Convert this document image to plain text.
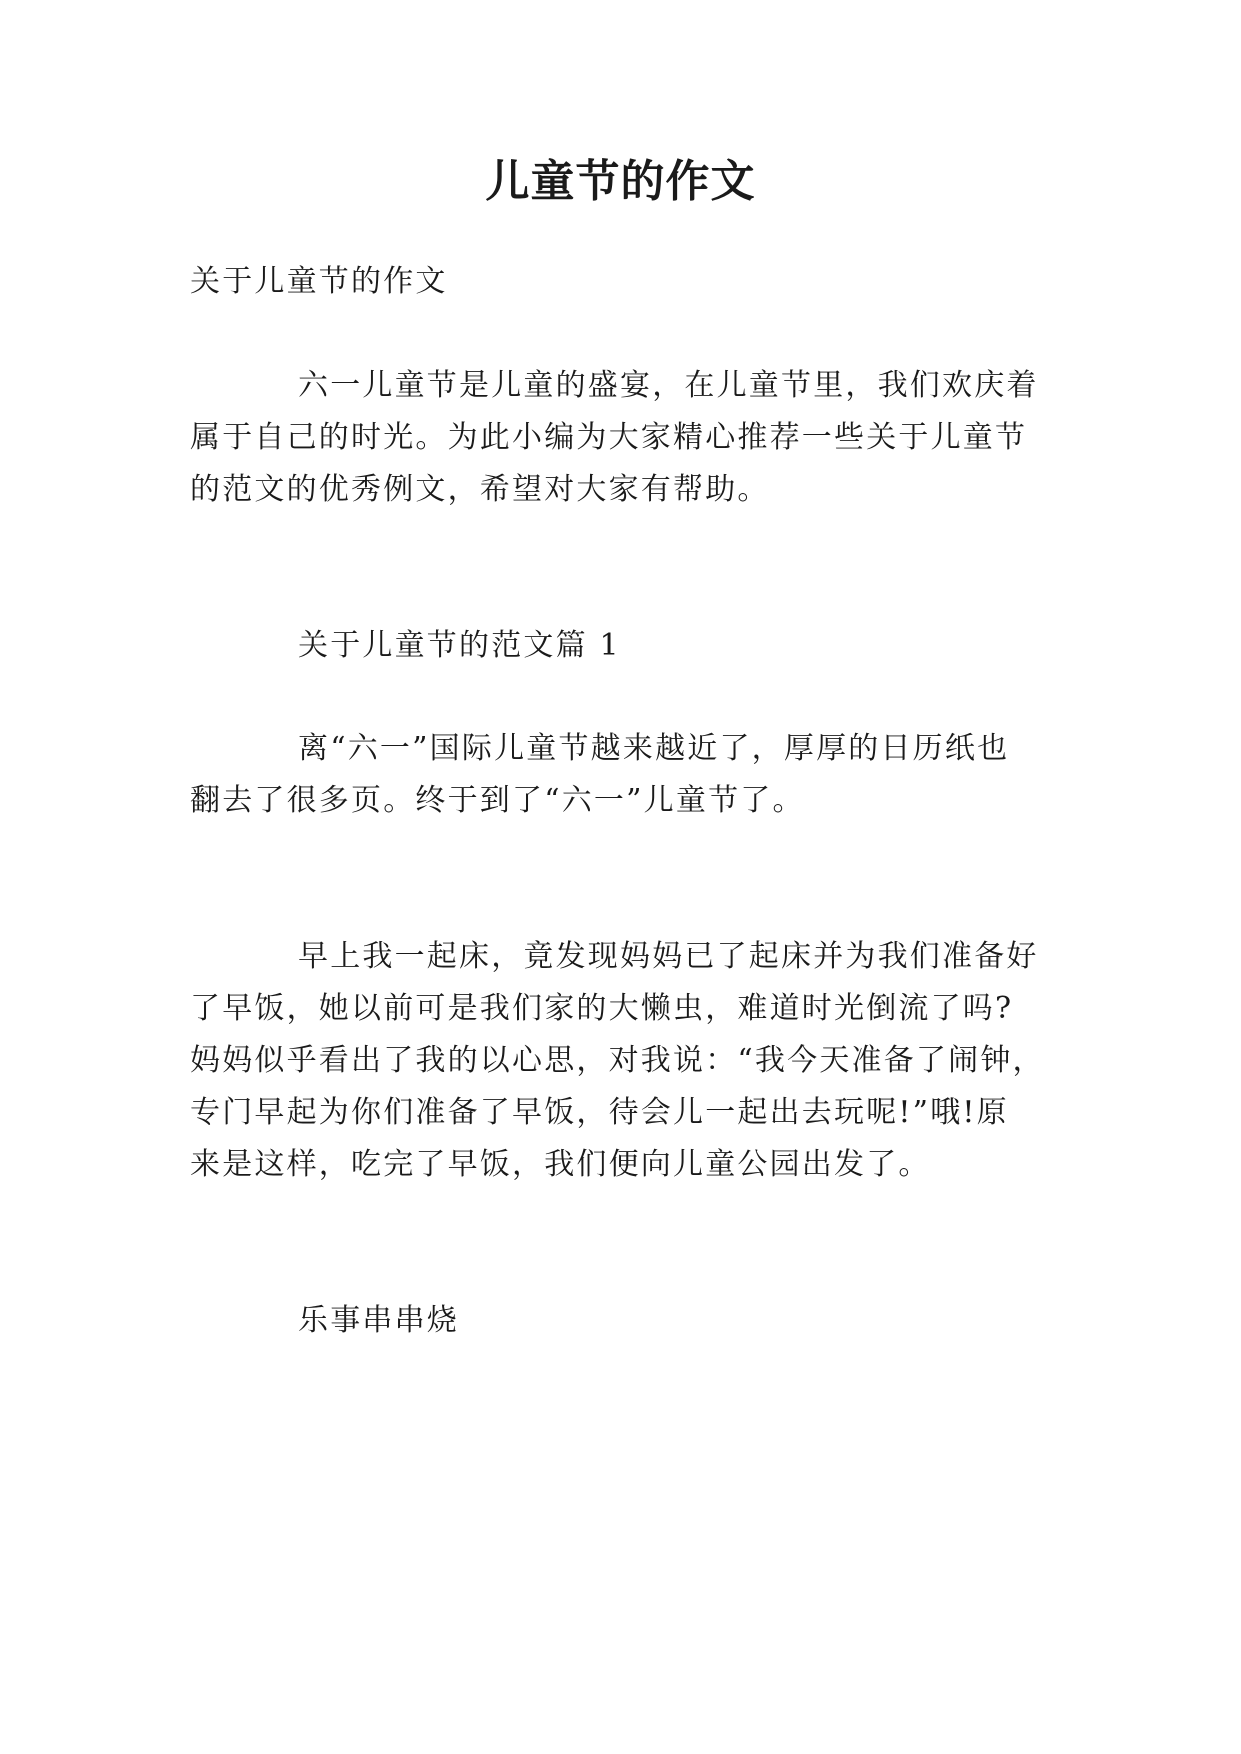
儿童节的作文

关于儿童节的作文

六一儿童节是儿童的盛宴，在儿童节里，我们欢庆着

属于自己的时光。为此小编为大家精心推荐一些关于儿童节

的范文的优秀例文，希望对大家有帮助。

关于儿童节的范文篇 1

离“六一”国际儿童节越来越近了，厚厚的日历纸也

翻去了很多页。终于到了“六一”儿童节了。

早上我一起床，竟发现妈妈已了起床并为我们准备好

了早饭，她以前可是我们家的大懒虫，难道时光倒流了吗?

妈妈似乎看出了我的以心思，对我说：“我今天准备了闹钟，

专门早起为你们准备了早饭，待会儿一起出去玩呢!”哦!原

来是这样，吃完了早饭，我们便向儿童公园出发了。

乐事串串烧
